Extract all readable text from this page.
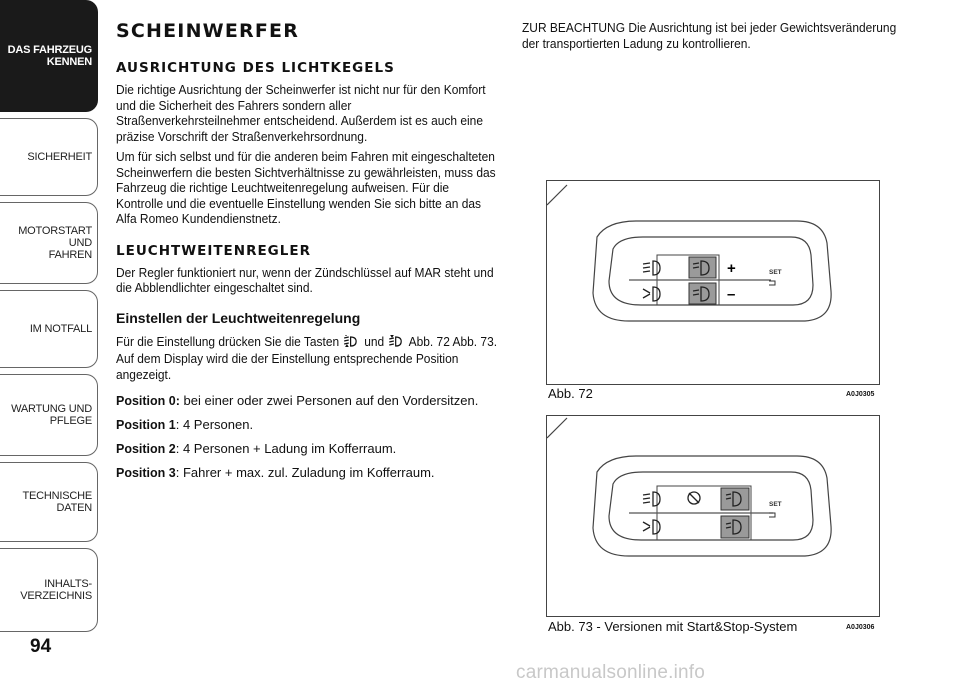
DAS FAHRZEUG
KENNEN
SICHERHEIT
MOTORSTART UND
FAHREN
IM NOTFALL
WARTUNG UND
PFLEGE
TECHNISCHE DATEN
INHALTS-
VERZEICHNIS
94
SCHEINWERFER
AUSRICHTUNG DES LICHTKEGELS

Die richtige Ausrichtung der Scheinwerfer ist nicht nur für den Komfort und die Sicherheit des Fahrers sondern aller Straßenverkehrsteilnehmer entscheidend. Außerdem ist es auch eine präzise Vorschrift der Straßenverkehrsordnung.

Um für sich selbst und für die anderen beim Fahren mit eingeschalteten Scheinwerfern die besten Sichtverhältnisse zu gewährleisten, muss das Fahrzeug die richtige Leuchtweitenregelung aufweisen. Für die Kontrolle und die eventuelle Einstellung wenden Sie sich bitte an das Alfa Romeo Kundendienstnetz.

LEUCHTWEITENREGLER

Der Regler funktioniert nur, wenn der Zündschlüssel auf MAR steht und die Abblendlichter eingeschaltet sind.

Einstellen der Leuchtweitenregelung

Für die Einstellung drücken Sie die Tasten und Abb. 72 Abb. 73. Auf dem Display wird die der Einstellung entsprechende Position angezeigt.

Position 0: bei einer oder zwei Personen auf den Vordersitzen.
Position 1: 4 Personen.
Position 2: 4 Personen + Ladung im Kofferraum.
Position 3: Fahrer + max. zul. Zuladung im Kofferraum.

ZUR BEACHTUNG Die Ausrichtung ist bei jeder Gewichtsveränderung der transportierten Ladung zu kontrollieren.

+
–
SET
Abb. 72	A0J0305
SET
Abb. 73 - Versionen mit Start&Stop-System	A0J0306
carmanualsonline.info
